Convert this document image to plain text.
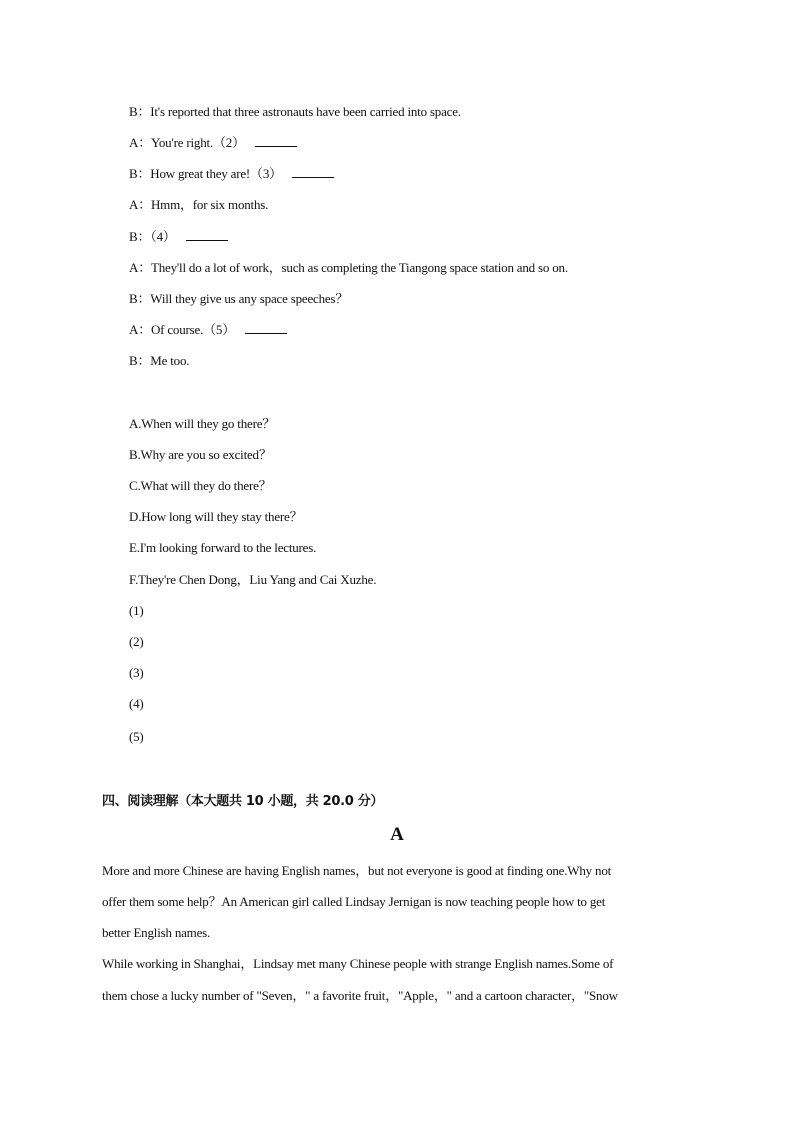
B：It's reported that three astronauts have been carried into space.
A：You're right.（2）
B：How great they are!（3）
A：Hmm，for six months.
B：（4）
A：They'll do a lot of work，such as completing the Tiangong space station and so on.
B：Will they give us any space speeches？
A：Of course.（5）
B：Me too.
A.When will they go there？
B.Why are you so excited？
C.What will they do there？
D.How long will they stay there？
E.I'm looking forward to the lectures.
F.They're Chen Dong，Liu Yang and Cai Xuzhe.
(1)
(2)
(3)
(4)
(5)
四、阅读理解（本大题共 10 小题，共 20.0 分）
A
More and more Chinese are having English names，but not everyone is good at finding one.Why not
offer them some help？An American girl called Lindsay Jernigan is now teaching people how to get
better English names.
While working in Shanghai，Lindsay met many Chinese people with strange English names.Some of
them chose a lucky number of "Seven，" a favorite fruit，"Apple，" and a cartoon character，"Snow
